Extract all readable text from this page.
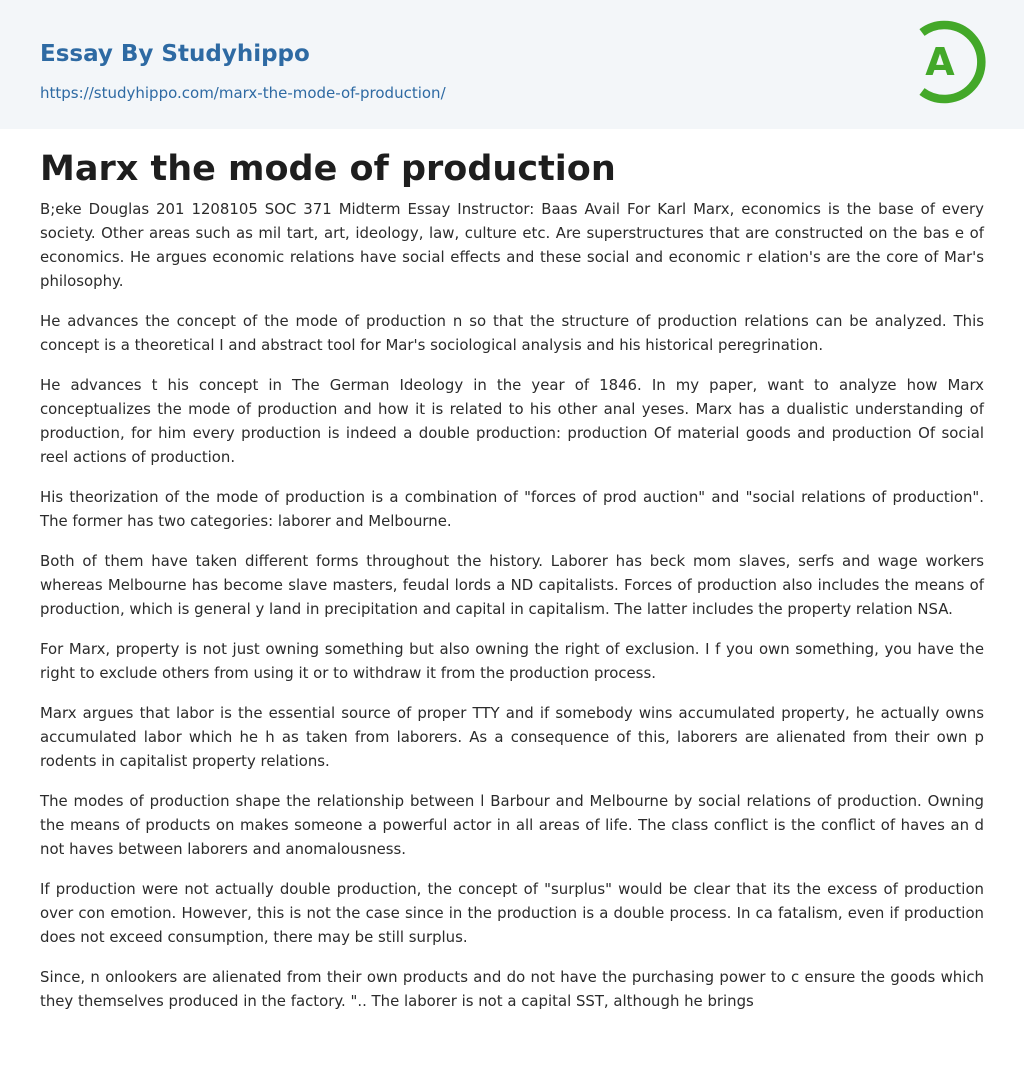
Essay By Studyhippo
https://studyhippo.com/marx-the-mode-of-production/
A
Marx the mode of production

B;eke Douglas 201 1208105 SOC 371 Midterm Essay Instructor: Baas Avail For Karl Marx, economics is the base of every society. Other areas such as mil tart, art, ideology, law, culture etc. Are superstructures that are constructed on the bas e of economics. He argues economic relations have social effects and these social and economic r elation's are the core of Mar's philosophy.

He advances the concept of the mode of production n so that the structure of production relations can be analyzed. This concept is a theoretical I and abstract tool for Mar's sociological analysis and his historical peregrination.

He advances t his concept in The German Ideology in the year of 1846. In my paper, want to analyze how Marx conceptualizes the mode of production and how it is related to his other anal yeses. Marx has a dualistic understanding of production, for him every production is indeed a double production: production Of material goods and production Of social reel actions of production.

His theorization of the mode of production is a combination of "forces of prod auction" and "social relations of production". The former has two categories: laborer and Melbourne.

Both of them have taken different forms throughout the history. Laborer has beck mom slaves, serfs and wage workers whereas Melbourne has become slave masters, feudal lords a ND capitalists. Forces of production also includes the means of production, which is general y land in precipitation and capital in capitalism. The latter includes the property relation NSA.

For Marx, property is not just owning something but also owning the right of exclusion. I f you own something, you have the right to exclude others from using it or to withdraw it from the production process.

Marx argues that labor is the essential source of proper TTY and if somebody wins accumulated property, he actually owns accumulated labor which he h as taken from laborers. As a consequence of this, laborers are alienated from their own p rodents in capitalist property relations.

The modes of production shape the relationship between l Barbour and Melbourne by social relations of production. Owning the means of products on makes someone a powerful actor in all areas of life. The class conflict is the conflict of haves an d not haves between laborers and anomalousness.

If production were not actually double production, the concept of "surplus" would be clear that its the excess of production over con emotion. However, this is not the case since in the production is a double process. In ca fatalism, even if production does not exceed consumption, there may be still surplus.

Since, n onlookers are alienated from their own products and do not have the purchasing power to c ensure the goods which they themselves produced in the factory. ".. The laborer is not a capital SST, although he brings
